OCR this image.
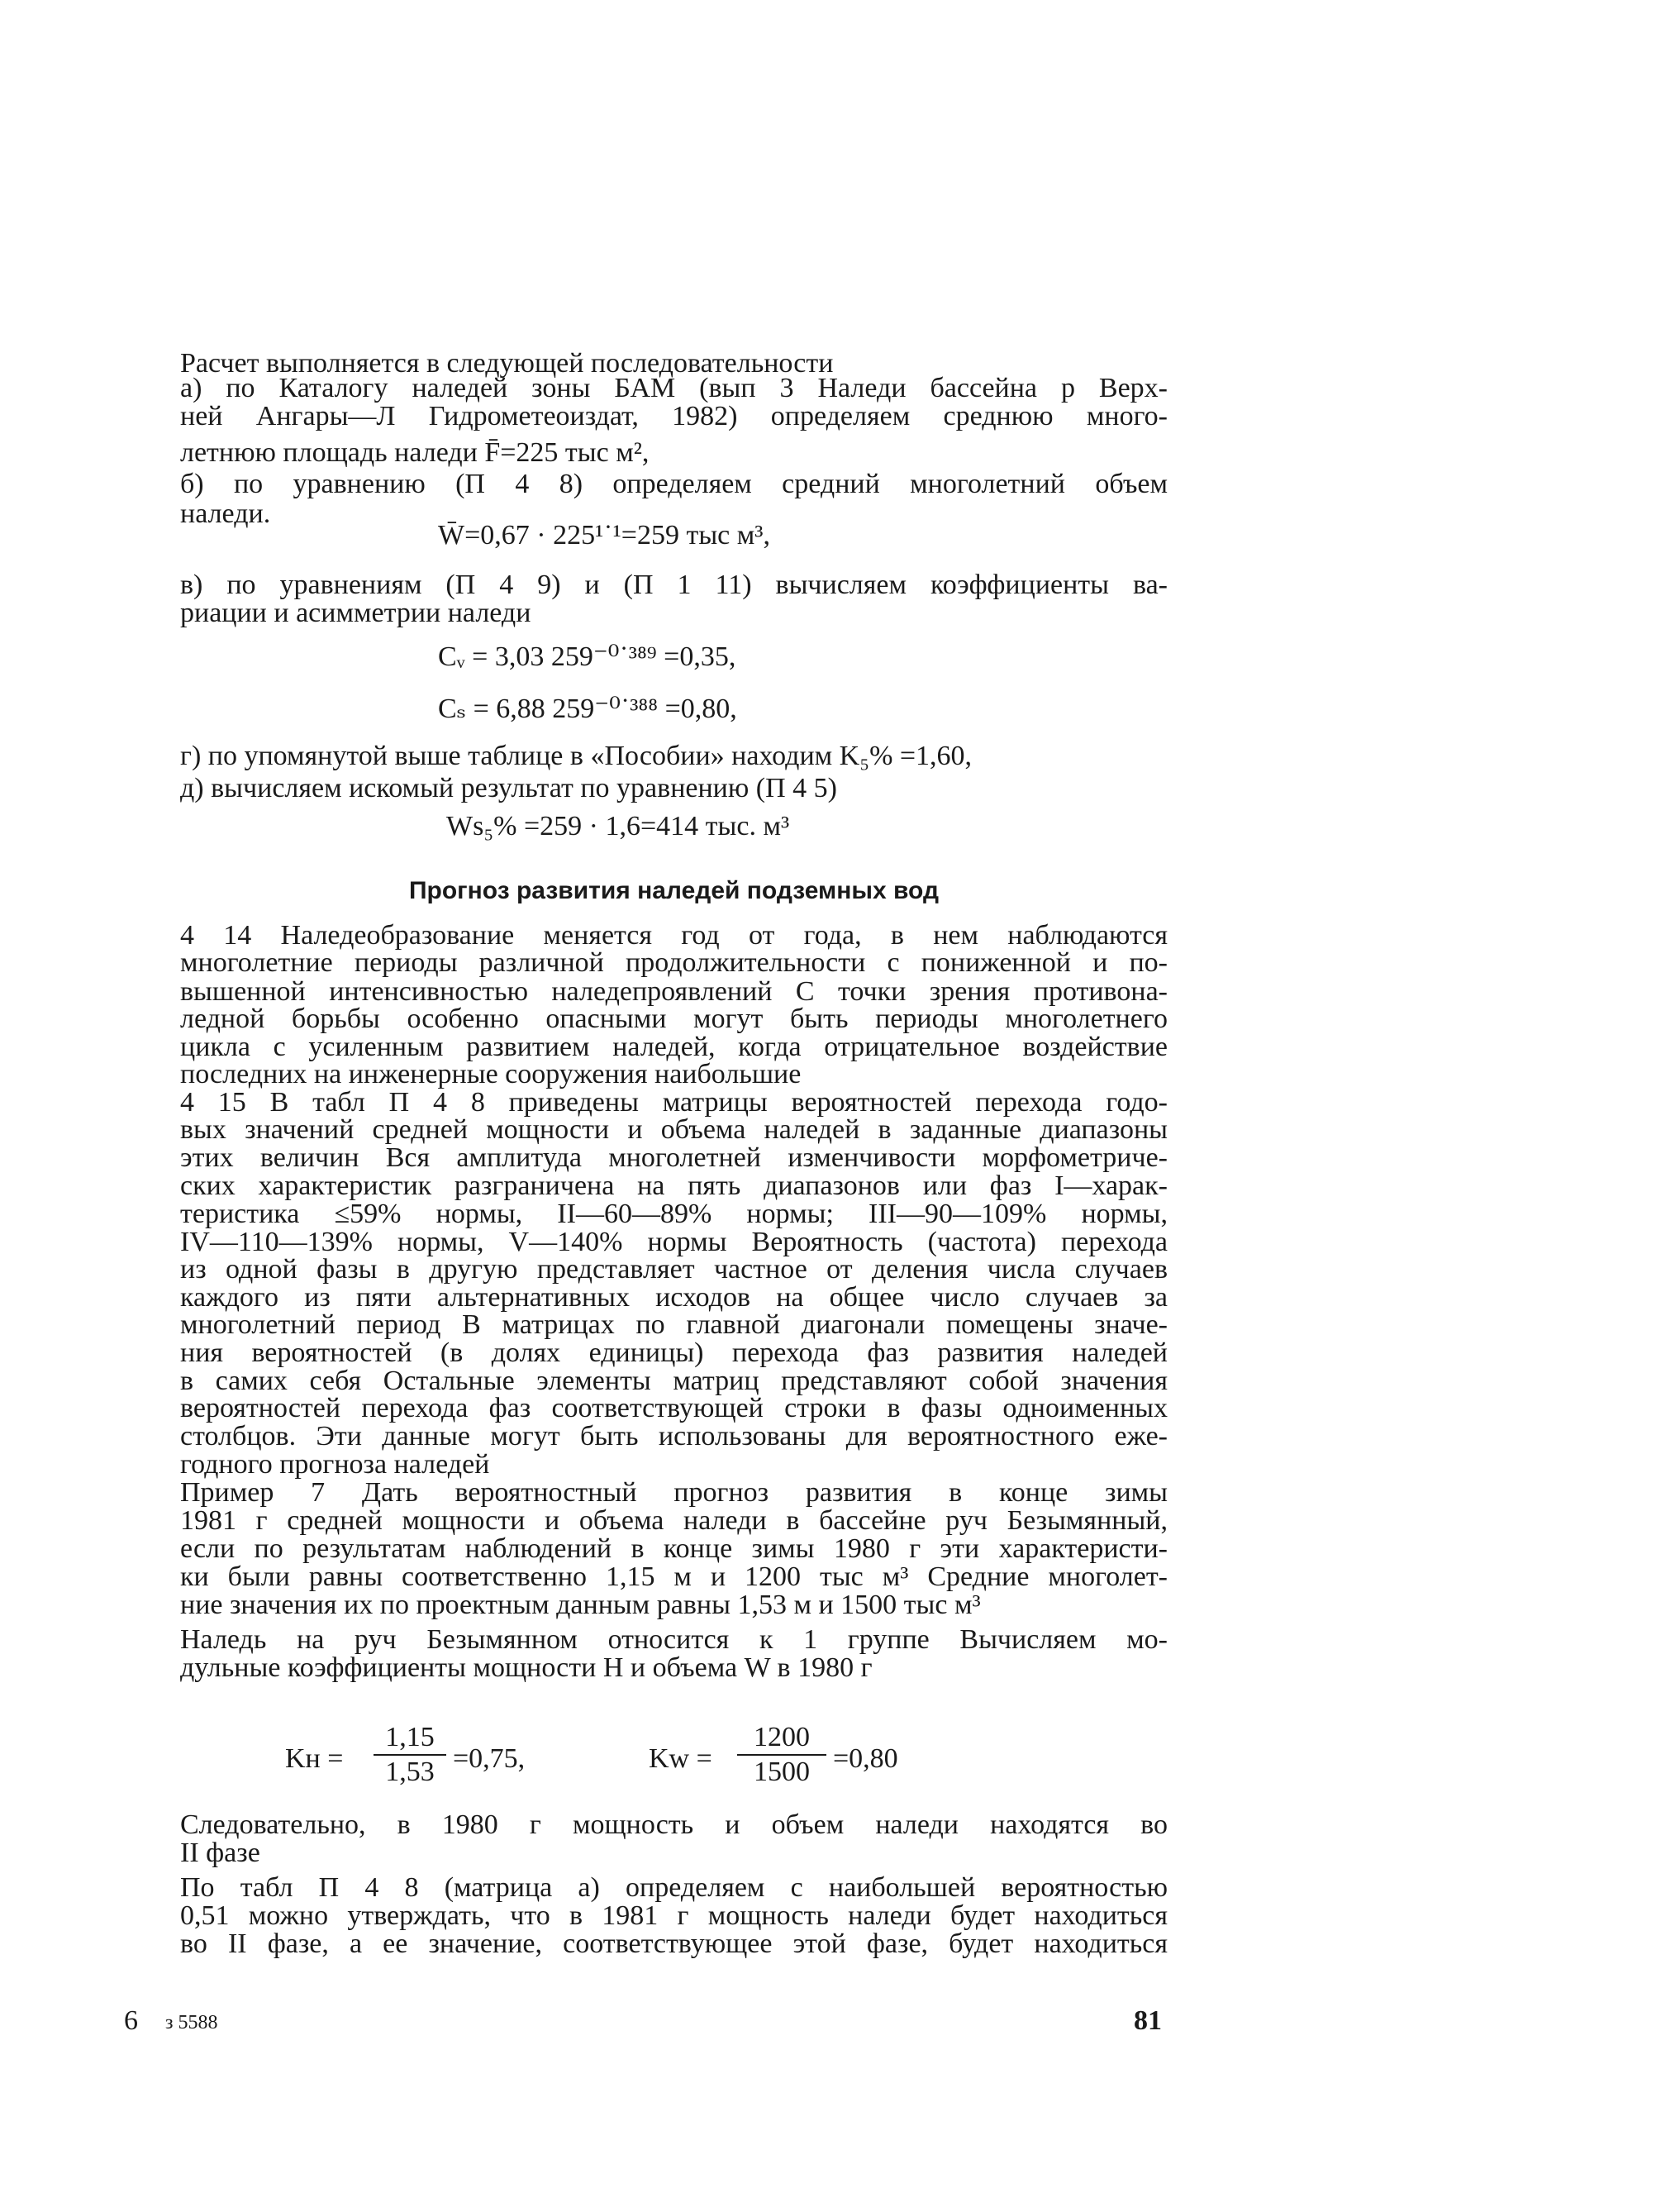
Расчет выполняется в следующей последовательности
а) по Каталогу наледей зоны БАМ (вып 3 Наледи бассейна р Верх-
ней Ангары—Л Гидрометеоиздат, 1982) определяем среднюю много-
летнюю площадь наледи F̄=225 тыс м²,
б) по уравнению (П 4 8) определяем средний многолетний объем
наледи.
W̄=0,67 · 225¹˙¹=259 тыс м³,
в) по уравнениям (П 4 9) и (П 1 11) вычисляем коэффициенты ва-
риации и асимметрии наледи
Cᵥ = 3,03 259⁻⁰˙³⁸⁹ =0,35,
Cₛ = 6,88 259⁻⁰˙³⁸⁸ =0,80,
г) по упомянутой выше таблице в «Пособии» находим K₅% =1,60,
д) вычисляем искомый результат по уравнению (П 4 5)
Ws₅% =259 · 1,6=414 тыс. м³
Прогноз развития наледей подземных вод
4 14 Наледеобразование меняется год от года, в нем наблюдаются
многолетние периоды различной продолжительности с пониженной и по-
вышенной интенсивностью наледепроявлений С точки зрения противона-
ледной борьбы особенно опасными могут быть периоды многолетнего
цикла с усиленным развитием наледей, когда отрицательное воздействие
последних на инженерные сооружения наибольшие
4 15 В табл П 4 8 приведены матрицы вероятностей перехода годо-
вых значений средней мощности и объема наледей в заданные диапазоны
этих величин Вся амплитуда многолетней изменчивости морфометриче-
ских характеристик разграничена на пять диапазонов или фаз I—харак-
теристика ≤59% нормы, II—60—89% нормы; III—90—109% нормы,
IV—110—139% нормы, V—140% нормы Вероятность (частота) перехода
из одной фазы в другую представляет частное от деления числа случаев
каждого из пяти альтернативных исходов на общее число случаев за
многолетний период В матрицах по главной диагонали помещены значе-
ния вероятностей (в долях единицы) перехода фаз развития наледей
в самих себя Остальные элементы матриц представляют собой значения
вероятностей перехода фаз соответствующей строки в фазы одноименных
столбцов. Эти данные могут быть использованы для вероятностного еже-
годного прогноза наледей
Пример 7 Дать вероятностный прогноз развития в конце зимы
1981 г средней мощности и объема наледи в бассейне руч Безымянный,
если по результатам наблюдений в конце зимы 1980 г эти характеристи-
ки были равны соответственно 1,15 м и 1200 тыс м³ Средние многолет-
ние значения их по проектным данным равны 1,53 м и 1500 тыс м³
Наледь на руч Безымянном относится к 1 группе Вычисляем мо-
дульные коэффициенты мощности H и объема W в 1980 г
Kн = $\frac{1,15}{1,53} =0,75$,	$Kw = \frac{1200}{1500} =0,80$
Следовательно, в 1980 г мощность и объем наледи находятся во
II фазе
По табл П 4 8 (матрица а) определяем с наибольшей вероятностью
0,51 можно утверждать, что в 1981 г мощность наледи будет находиться
во II фазе, а ее значение, соответствующее этой фазе, будет находиться
6 з 5588	81
